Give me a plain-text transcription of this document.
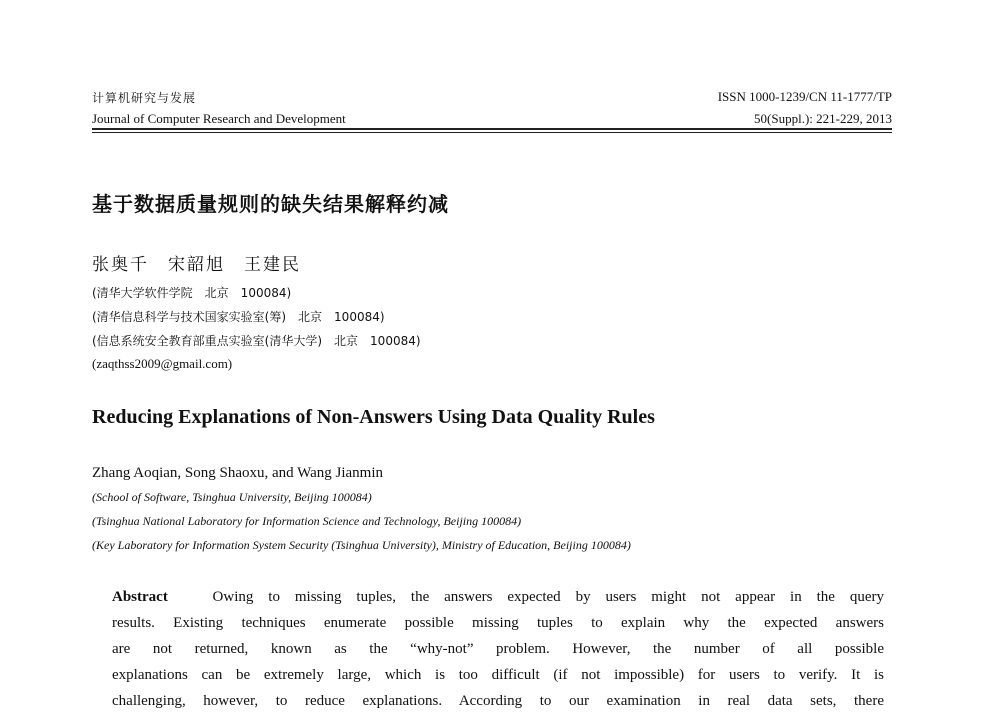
计算机研究与发展
Journal of Computer Research and Development
ISSN 1000-1239/CN 11-1777/TP
50(Suppl.): 221-229, 2013
基于数据质量规则的缺失结果解释约减
张奥千　宋韶旭　王建民
(清华大学软件学院　北京　100084)
(清华信息科学与技术国家实验室(筹)　北京　100084)
(信息系统安全教育部重点实验室(清华大学)　北京　100084)
(zaqthss2009@gmail.com)
Reducing Explanations of Non-Answers Using Data Quality Rules
Zhang Aoqian, Song Shaoxu, and Wang Jianmin
(School of Software, Tsinghua University, Beijing 100084)
(Tsinghua National Laboratory for Information Science and Technology, Beijing 100084)
(Key Laboratory for Information System Security (Tsinghua University), Ministry of Education, Beijing 100084)
Abstract	Owing to missing tuples, the answers expected by users might not appear in the query
results. Existing techniques enumerate possible missing tuples to explain why the expected answers
are not returned, known as the “why-not” problem. However, the number of all possible
explanations can be extremely large, which is too difficult (if not impossible) for users to verify. It is
challenging, however, to reduce explanations. According to our examination in real data sets, there
